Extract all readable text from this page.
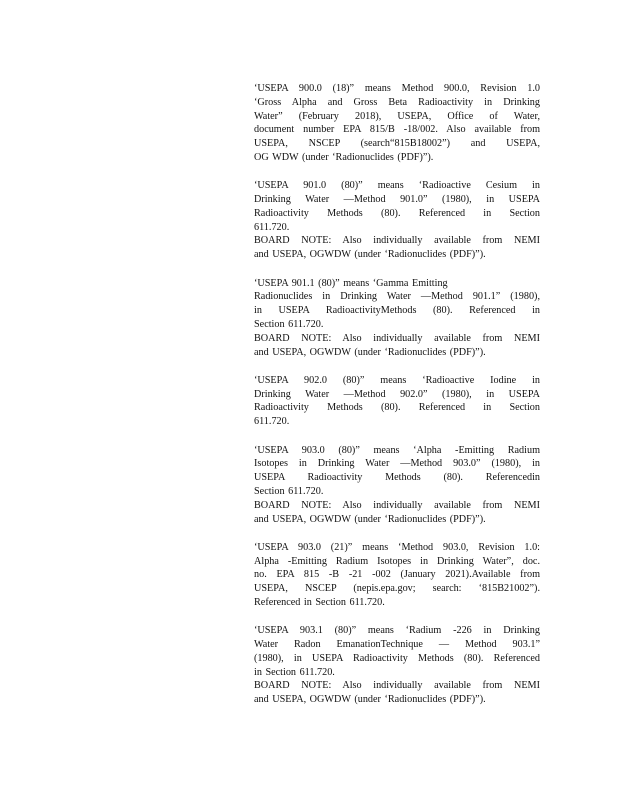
‘USEPA 900.0 (18)” means Method 900.0, Revision 1.0
‘Gross Alpha and Gross Beta Radioactivity in Drinking
Water” (February 2018), USEPA, Office of Water,
document number EPA 815/B -18/002. Also available from
USEPA, NSCEP (search“815B18002”) and USEPA,
OG WDW (under ‘Radionuclides (PDF)”).
‘USEPA 901.0 (80)” means ‘Radioactive Cesium in
Drinking Water —Method 901.0” (1980), in USEPA
Radioactivity Methods (80). Referenced in Section
611.720.
BOARD NOTE: Also individually available from NEMI
and USEPA, OGWDW (under ‘Radionuclides (PDF)”).
‘USEPA 901.1 (80)” means ‘Gamma Emitting
Radionuclides in Drinking Water —Method 901.1” (1980),
in USEPA RadioactivityMethods (80). Referenced in
Section 611.720.
BOARD NOTE: Also individually available from NEMI
and USEPA, OGWDW (under ‘Radionuclides (PDF)”).
‘USEPA 902.0 (80)” means ‘Radioactive Iodine in
Drinking Water —Method 902.0” (1980), in USEPA
Radioactivity Methods (80). Referenced in Section
611.720.
‘USEPA 903.0 (80)” means ‘Alpha -Emitting Radium
Isotopes in Drinking Water —Method 903.0” (1980), in
USEPA Radioactivity Methods (80). Referencedin
Section 611.720.
BOARD NOTE: Also individually available from NEMI
and USEPA, OGWDW (under ‘Radionuclides (PDF)”).
‘USEPA 903.0 (21)” means ‘Method 903.0, Revision 1.0:
Alpha -Emitting Radium Isotopes in Drinking Water”, doc.
no. EPA 815 -B -21 -002 (January 2021).Available from
USEPA, NSCEP (nepis.epa.gov; search: ‘815B21002”).
Referenced in Section 611.720.
‘USEPA 903.1 (80)” means ‘Radium -226 in Drinking
Water Radon EmanationTechnique — Method 903.1”
(1980), in USEPA Radioactivity Methods (80). Referenced
in Section 611.720.
BOARD NOTE: Also individually available from NEMI
and USEPA, OGWDW (under ‘Radionuclides (PDF)”).
